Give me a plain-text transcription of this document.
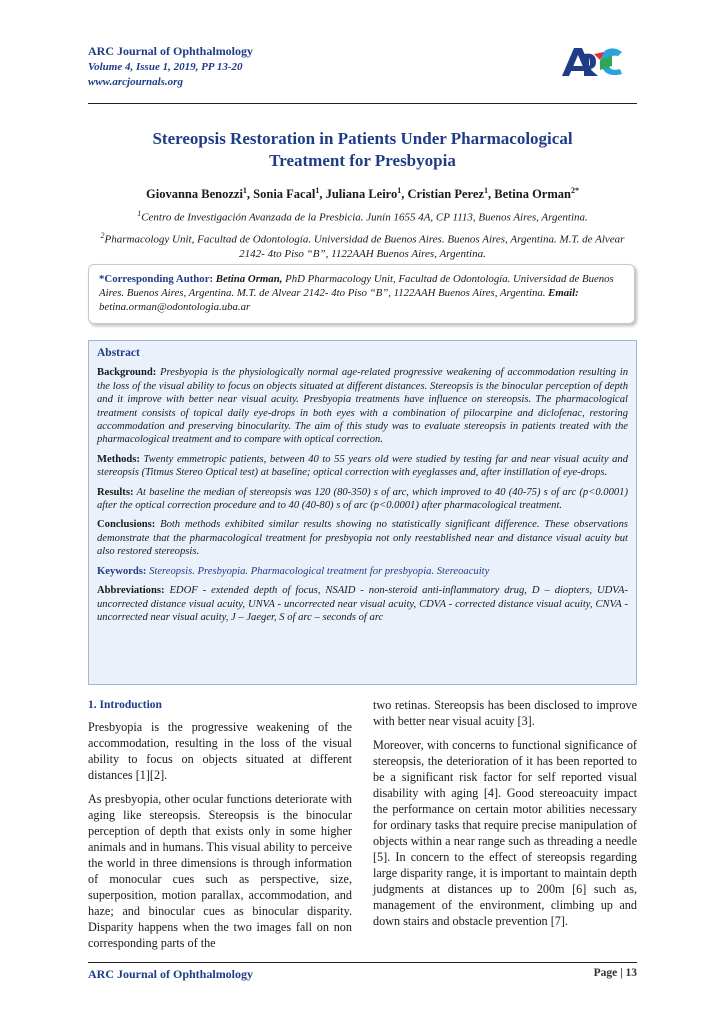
ARC Journal of Ophthalmology
Volume 4, Issue 1, 2019, PP 13-20
www.arcjournals.org
Stereopsis Restoration in Patients Under Pharmacological
Treatment for Presbyopia
Giovanna Benozzi$^1$, Sonia Facal$^1$, Juliana Leiro$^1$, Cristian Perez$^1$, Betina Orman$^{2*}$
$^1$Centro de Investigación Avanzada de la Presbicia. Junín 1655 4A, CP 1113, Buenos Aires, Argentina.
$^2$Pharmacology Unit, Facultad de Odontología. Universidad de Buenos Aires. Buenos Aires, Argentina. M.T. de Alvear 2142- 4to Piso “B”, 1122AAH Buenos Aires, Argentina.
*Corresponding Author: Betina Orman, PhD Pharmacology Unit, Facultad de Odontología. Universidad de Buenos Aires. Buenos Aires, Argentina. M.T. de Alvear 2142- 4to Piso “B”, 1122AAH Buenos Aires, Argentina. Email: betina.orman@odontologia.uba.ar
Abstract

Background: Presbyopia is the physiologically normal age-related progressive weakening of accommodation resulting in the loss of the visual ability to focus on objects situated at different distances. Stereopsis is the binocular perception of depth and it improve with better near visual acuity. Presbyopia treatments have influence on stereopsis. The pharmacological treatment consists of topical daily eye-drops in both eyes with a combination of pilocarpine and diclofenac, restoring accommodation and preserving binocularity. The aim of this study was to evaluate stereopsis in patients treated with the pharmacological treatment and to compare with optical correction.

Methods: Twenty emmetropic patients, between 40 to 55 years old were studied by testing far and near visual acuity and stereopsis (Titmus Stereo Optical test) at baseline; optical correction with eyeglasses and, after instillation of eye-drops.

Results: At baseline the median of stereopsis was 120 (80-350) s of arc, which improved to 40 (40-75) s of arc (p<0.0001) after the optical correction procedure and to 40 (40-80) s of arc (p<0.0001) after pharmacological treatment.

Conclusions: Both methods exhibited similar results showing no statistically significant difference. These observations demonstrate that the pharmacological treatment for presbyopia not only reestablished near and distance visual acuity but also restored stereopsis.

Keywords: Stereopsis. Presbyopia. Pharmacological treatment for presbyopia. Stereoacuity

Abbreviations: EDOF - extended depth of focus, NSAID - non-steroid anti-inflammatory drug, D – diopters, UDVA- uncorrected distance visual acuity, UNVA - uncorrected near visual acuity, CDVA - corrected distance visual acuity, CNVA - uncorrected near visual acuity, J – Jaeger, S of arc – seconds of arc

1. Introduction

Presbyopia is the progressive weakening of the accommodation, resulting in the loss of the visual ability to focus on objects situated at different distances [1][2].

As presbyopia, other ocular functions deteriorate with aging like stereopsis. Stereopsis is the binocular perception of depth that exists only in some higher animals and in humans. This visual ability to perceive the world in three dimensions is through information of monocular cues such as perspective, size, superposition, motion parallax, accommodation, and haze; and binocular cues as binocular disparity. Disparity happens when the two images fall on non corresponding parts of the

two retinas. Stereopsis has been disclosed to improve with better near visual acuity [3].

Moreover, with concerns to functional significance of stereopsis, the deterioration of it has been reported to be a significant risk factor for self reported visual disability with aging [4]. Good stereoacuity impact the performance on certain motor abilities necessary for ordinary tasks that require precise manipulation of objects within a near range such as threading a needle [5]. In concern to the effect of stereopsis regarding large disparity range, it is important to maintain depth judgments at distances up to 200m [6] such as, management of the environment, climbing up and down stairs and obstacle prevention [7].

ARC Journal of Ophthalmology	Page | 13
